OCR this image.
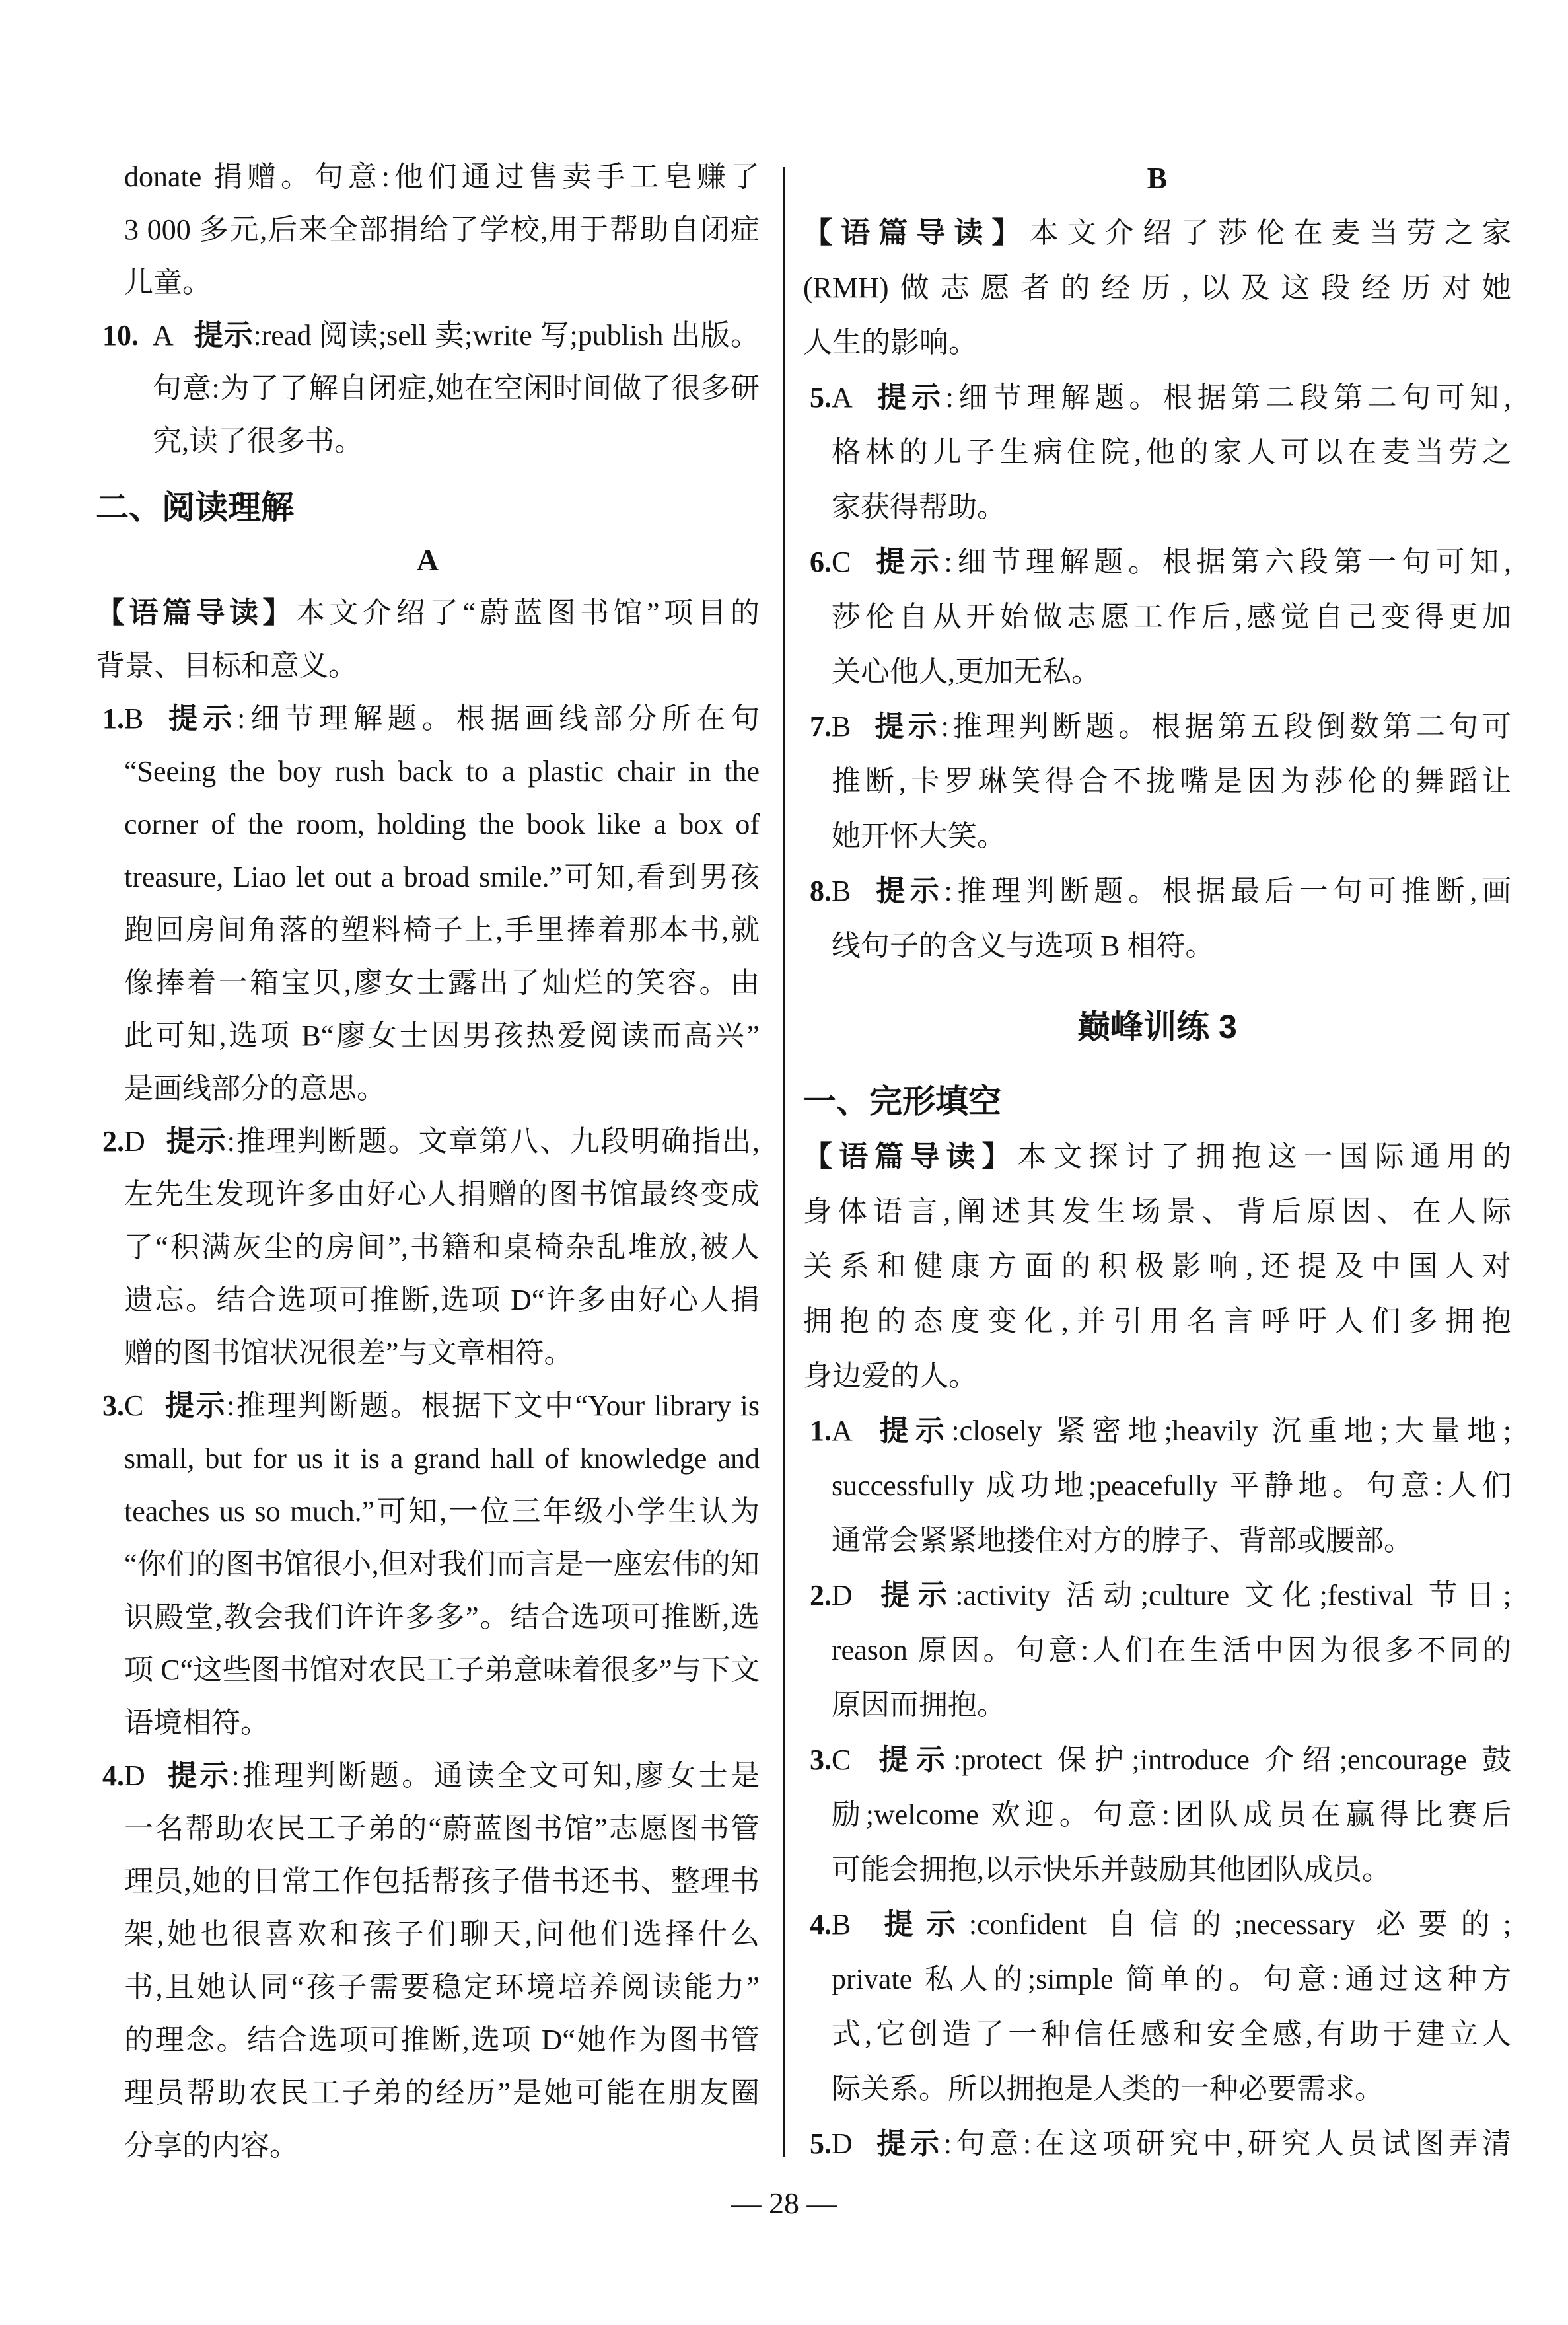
donate 捐赠。句意:他们通过售卖手工皂赚了
3 000 多元,后来全部捐给了学校,用于帮助自闭症
儿童。
10. A 提示:read 阅读;sell 卖;write 写;publish 出版。
句意:为了了解自闭症,她在空闲时间做了很多研
究,读了很多书。
二、阅读理解
A
【语篇导读】本文介绍了“蔚蓝图书馆”项目的
背景、目标和意义。
1. B 提示:细节理解题。根据画线部分所在句
“Seeing the boy rush back to a plastic chair in the
corner of the room, holding the book like a box of
treasure, Liao let out a broad smile.”可知,看到男孩
跑回房间角落的塑料椅子上,手里捧着那本书,就
像捧着一箱宝贝,廖女士露出了灿烂的笑容。由
此可知,选项 B“廖女士因男孩热爱阅读而高兴”
是画线部分的意思。
2. D 提示:推理判断题。文章第八、九段明确指出,
左先生发现许多由好心人捐赠的图书馆最终变成
了“积满灰尘的房间”,书籍和桌椅杂乱堆放,被人
遗忘。结合选项可推断,选项 D“许多由好心人捐
赠的图书馆状况很差”与文章相符。
3. C 提示:推理判断题。根据下文中“Your library is
small, but for us it is a grand hall of knowledge and
teaches us so much.”可知,一位三年级小学生认为
“你们的图书馆很小,但对我们而言是一座宏伟的知
识殿堂,教会我们许许多多”。结合选项可推断,选
项 C“这些图书馆对农民工子弟意味着很多”与下文
语境相符。
4. D 提示:推理判断题。通读全文可知,廖女士是
一名帮助农民工子弟的“蔚蓝图书馆”志愿图书管
理员,她的日常工作包括帮孩子借书还书、整理书
架,她也很喜欢和孩子们聊天,问他们选择什么
书,且她认同“孩子需要稳定环境培养阅读能力”
的理念。结合选项可推断,选项 D“她作为图书管
理员帮助农民工子弟的经历”是她可能在朋友圈
分享的内容。
B
【语篇导读】本文介绍了莎伦在麦当劳之家
(RMH)做志愿者的经历,以及这段经历对她
人生的影响。
5. A 提示:细节理解题。根据第二段第二句可知,
格林的儿子生病住院,他的家人可以在麦当劳之
家获得帮助。
6. C 提示:细节理解题。根据第六段第一句可知,
莎伦自从开始做志愿工作后,感觉自己变得更加
关心他人,更加无私。
7. B 提示:推理判断题。根据第五段倒数第二句可
推断,卡罗琳笑得合不拢嘴是因为莎伦的舞蹈让
她开怀大笑。
8. B 提示:推理判断题。根据最后一句可推断,画
线句子的含义与选项 B 相符。
巅峰训练 3
一、完形填空
【语篇导读】本文探讨了拥抱这一国际通用的
身体语言,阐述其发生场景、背后原因、在人际
关系和健康方面的积极影响,还提及中国人对
拥抱的态度变化,并引用名言呼吁人们多拥抱
身边爱的人。
1. A 提示:closely 紧密地;heavily 沉重地;大量地;
successfully 成功地;peacefully 平静地。句意:人们
通常会紧紧地搂住对方的脖子、背部或腰部。
2. D 提示:activity 活动;culture 文化;festival 节日;
reason 原因。句意:人们在生活中因为很多不同的
原因而拥抱。
3. C 提示:protect 保护;introduce 介绍;encourage 鼓
励;welcome 欢迎。句意:团队成员在赢得比赛后
可能会拥抱,以示快乐并鼓励其他团队成员。
4. B 提示:confident 自信的;necessary 必要的;
private 私人的;simple 简单的。句意:通过这种方
式,它创造了一种信任感和安全感,有助于建立人
际关系。所以拥抱是人类的一种必要需求。
5. D 提示:句意:在这项研究中,研究人员试图弄清
— 28 —
